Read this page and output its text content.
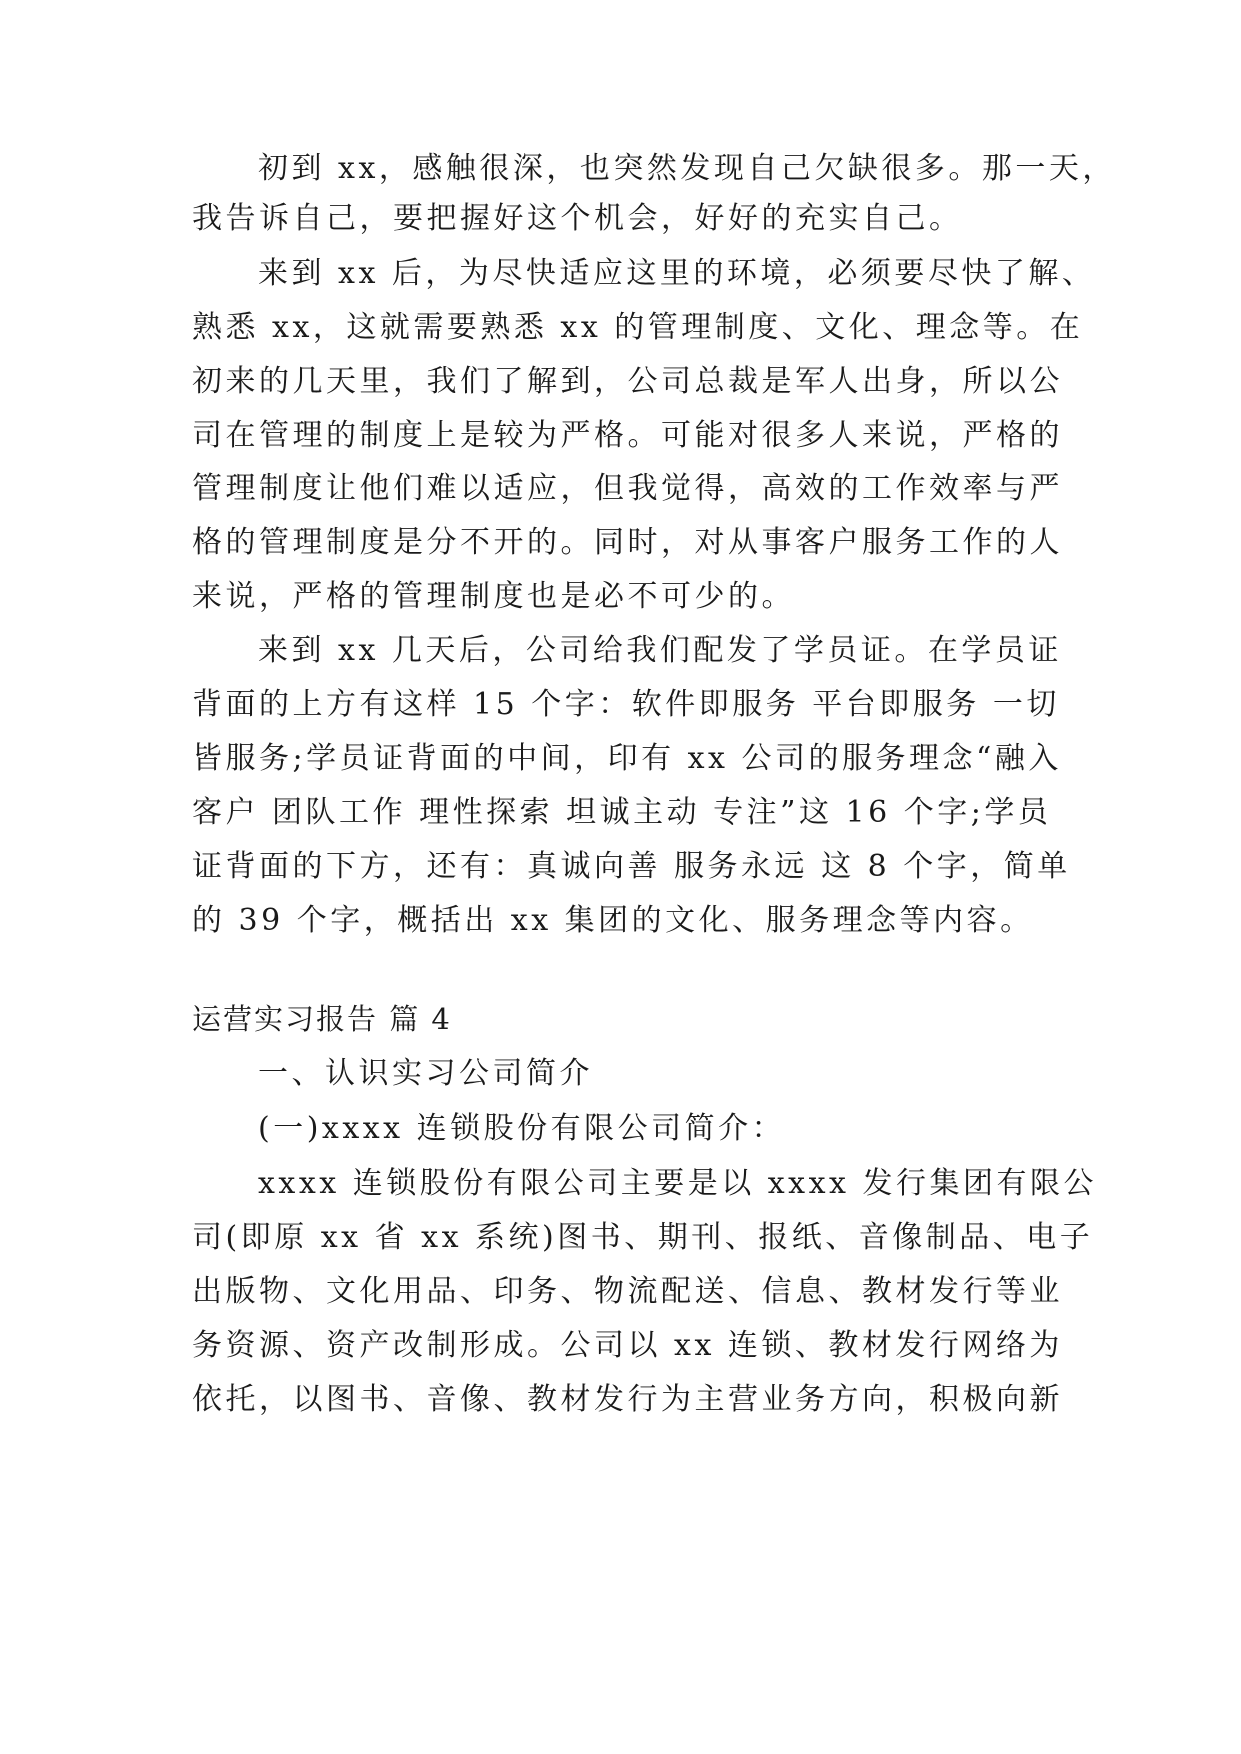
初到 xx，感触很深，也突然发现自己欠缺很多。那一天，

我告诉自己，要把握好这个机会，好好的充实自己。

来到 xx 后，为尽快适应这里的环境，必须要尽快了解、

熟悉 xx，这就需要熟悉 xx 的管理制度、文化、理念等。在

初来的几天里，我们了解到，公司总裁是军人出身，所以公

司在管理的制度上是较为严格。可能对很多人来说，严格的

管理制度让他们难以适应，但我觉得，高效的工作效率与严

格的管理制度是分不开的。同时，对从事客户服务工作的人

来说，严格的管理制度也是必不可少的。

来到 xx 几天后，公司给我们配发了学员证。在学员证

背面的上方有这样 15 个字：软件即服务 平台即服务 一切

皆服务;学员证背面的中间，印有 xx 公司的服务理念“融入

客户 团队工作 理性探索 坦诚主动 专注”这 16 个字;学员

证背面的下方，还有：真诚向善 服务永远 这 8 个字，简单

的 39 个字，概括出 xx 集团的文化、服务理念等内容。

运营实习报告 篇 4

一、认识实习公司简介

(一)xxxx 连锁股份有限公司简介：

xxxx 连锁股份有限公司主要是以 xxxx 发行集团有限公

司(即原 xx 省 xx 系统)图书、期刊、报纸、音像制品、电子

出版物、文化用品、印务、物流配送、信息、教材发行等业

务资源、资产改制形成。公司以 xx 连锁、教材发行网络为

依托，以图书、音像、教材发行为主营业务方向，积极向新
